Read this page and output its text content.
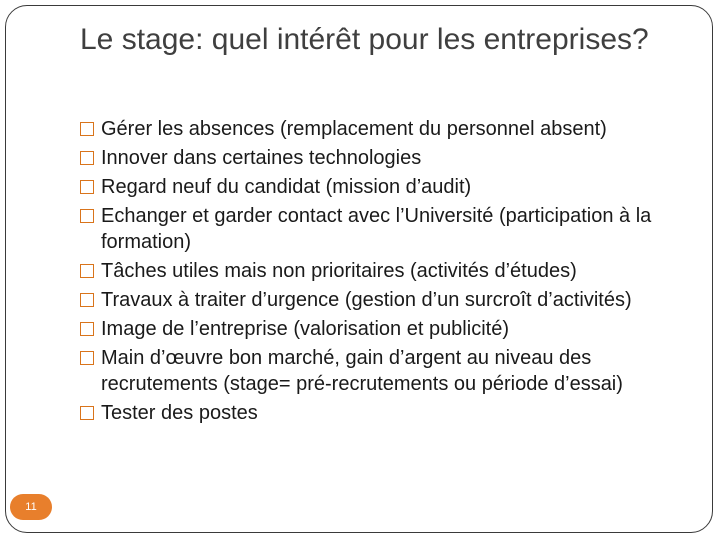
Le stage: quel intérêt pour les entreprises?
Gérer les absences (remplacement du personnel absent)
Innover dans certaines technologies
Regard neuf du candidat (mission d’audit)
Echanger et garder contact avec l’Université (participation à la formation)
Tâches utiles mais non prioritaires (activités d’études)
Travaux à traiter d’urgence (gestion d’un surcroît d’activités)
Image de l’entreprise (valorisation et publicité)
Main d’œuvre bon marché, gain d’argent au niveau des recrutements (stage= pré-recrutements ou période d’essai)
Tester des postes
11
